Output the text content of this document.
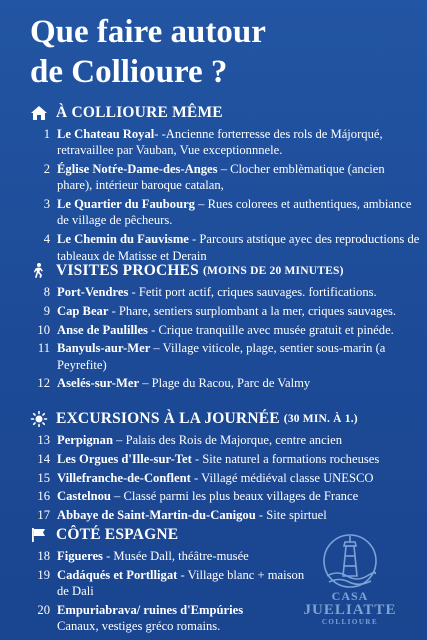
Que faire autour
de Collioure ?
À COLLIOURE MÊME
1 Le Chateau Royal- -Ancienne forterresse des rols de Májorqué, retravaillee par Vauban, Vue exceptionnnele.
2 Église Notŕe-Dame-des-Anges – Clocher emblèmatique (ancien phare), intérieur baroque catalan,
3 Le Quartier du Faubourg – Rues colorees et authentiques, ambiance de village de pêcheurs.
4 Le Chemin du Fauvisme - Parcours atstique ayec des reproductions de tableaux de Matisse et Derain
VISITES PROCHES (MOINS DE 20 MINUTES)
8 Port-Vendres - Fetit port actif, criques sauvages. fortifications.
9 Cap Bear - Phare, sentiers surplombant a la mer, criques sauvages.
10 Anse de Paulilles - Crique tranquille avec musée gratuit et pinéde.
11 Banyuls-aur-Mer – Village viticole, plage, sentier sous-marin (a Peyrefite)
12 Aselés-sur-Mer – Plage du Racou, Parc de Valmy
EXCURSIONS À LA JOURNÉE (30 MIN. À 1.)
13 Perpignan – Palais des Rois de Majorque, centre ancien
14 Les Orgues d'Ille-sur-Tet - Site naturel a formations rocheuses
15 Villefranche-de-Conflent - Villagé médiéval classe UNESCO
16 Castelnou – Classé parmi les plus beaux villages de France
17 Abbaye de Saint-Martin-du-Canigou - Site spirtuel
CÔTÉ ESPAGNE
18 Figueres - Musée Dall, théâtre-musée
19 Cadáqués et Portlligat - Village blanc + maison de Dali
20 Empuriabrava/ ruines d'Empúries
Canaux, vestiges gréco romains.
CASA
JUELIATTE
COLLIOURE
